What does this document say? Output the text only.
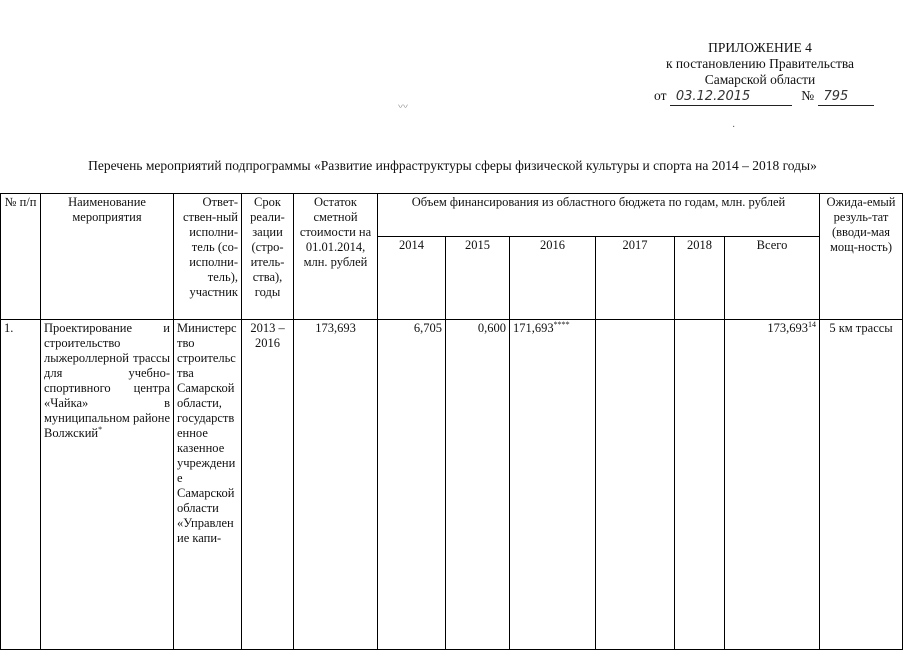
ПРИЛОЖЕНИЕ 4
к постановлению Правительства
Самарской области
от 03.12.2015	№ 795
〰
·
Перечень мероприятий подпрограммы «Развитие инфраструктуры сферы физической культуры и спорта на 2014 – 2018 годы»
№ п/п	Наименование мероприятия	Ответ-ствен-ный исполни-тель (со-исполни-тель), участник	Срок реали-зации (стро-итель-ства), годы	Остаток сметной стоимости на 01.01.2014, млн. рублей	Объем финансирования из областного бюджета по годам, млн. рублей						Ожида-емый резуль-тат (вводи-мая мощ-ность)
					2014	2015	2016	2017	2018	Всего	
1.	Проектирование и строительство лыжероллерной трассы для учебно-спортивного центра «Чайка» в муниципальном районе Волжский*	Министерство строительства Самарской области, государственное казенное учреждение Самарской области «Управление капи-	2013 – 2016	173,693	6,705	0,600	171,693****			173,693$^{14}$	5 км трассы
